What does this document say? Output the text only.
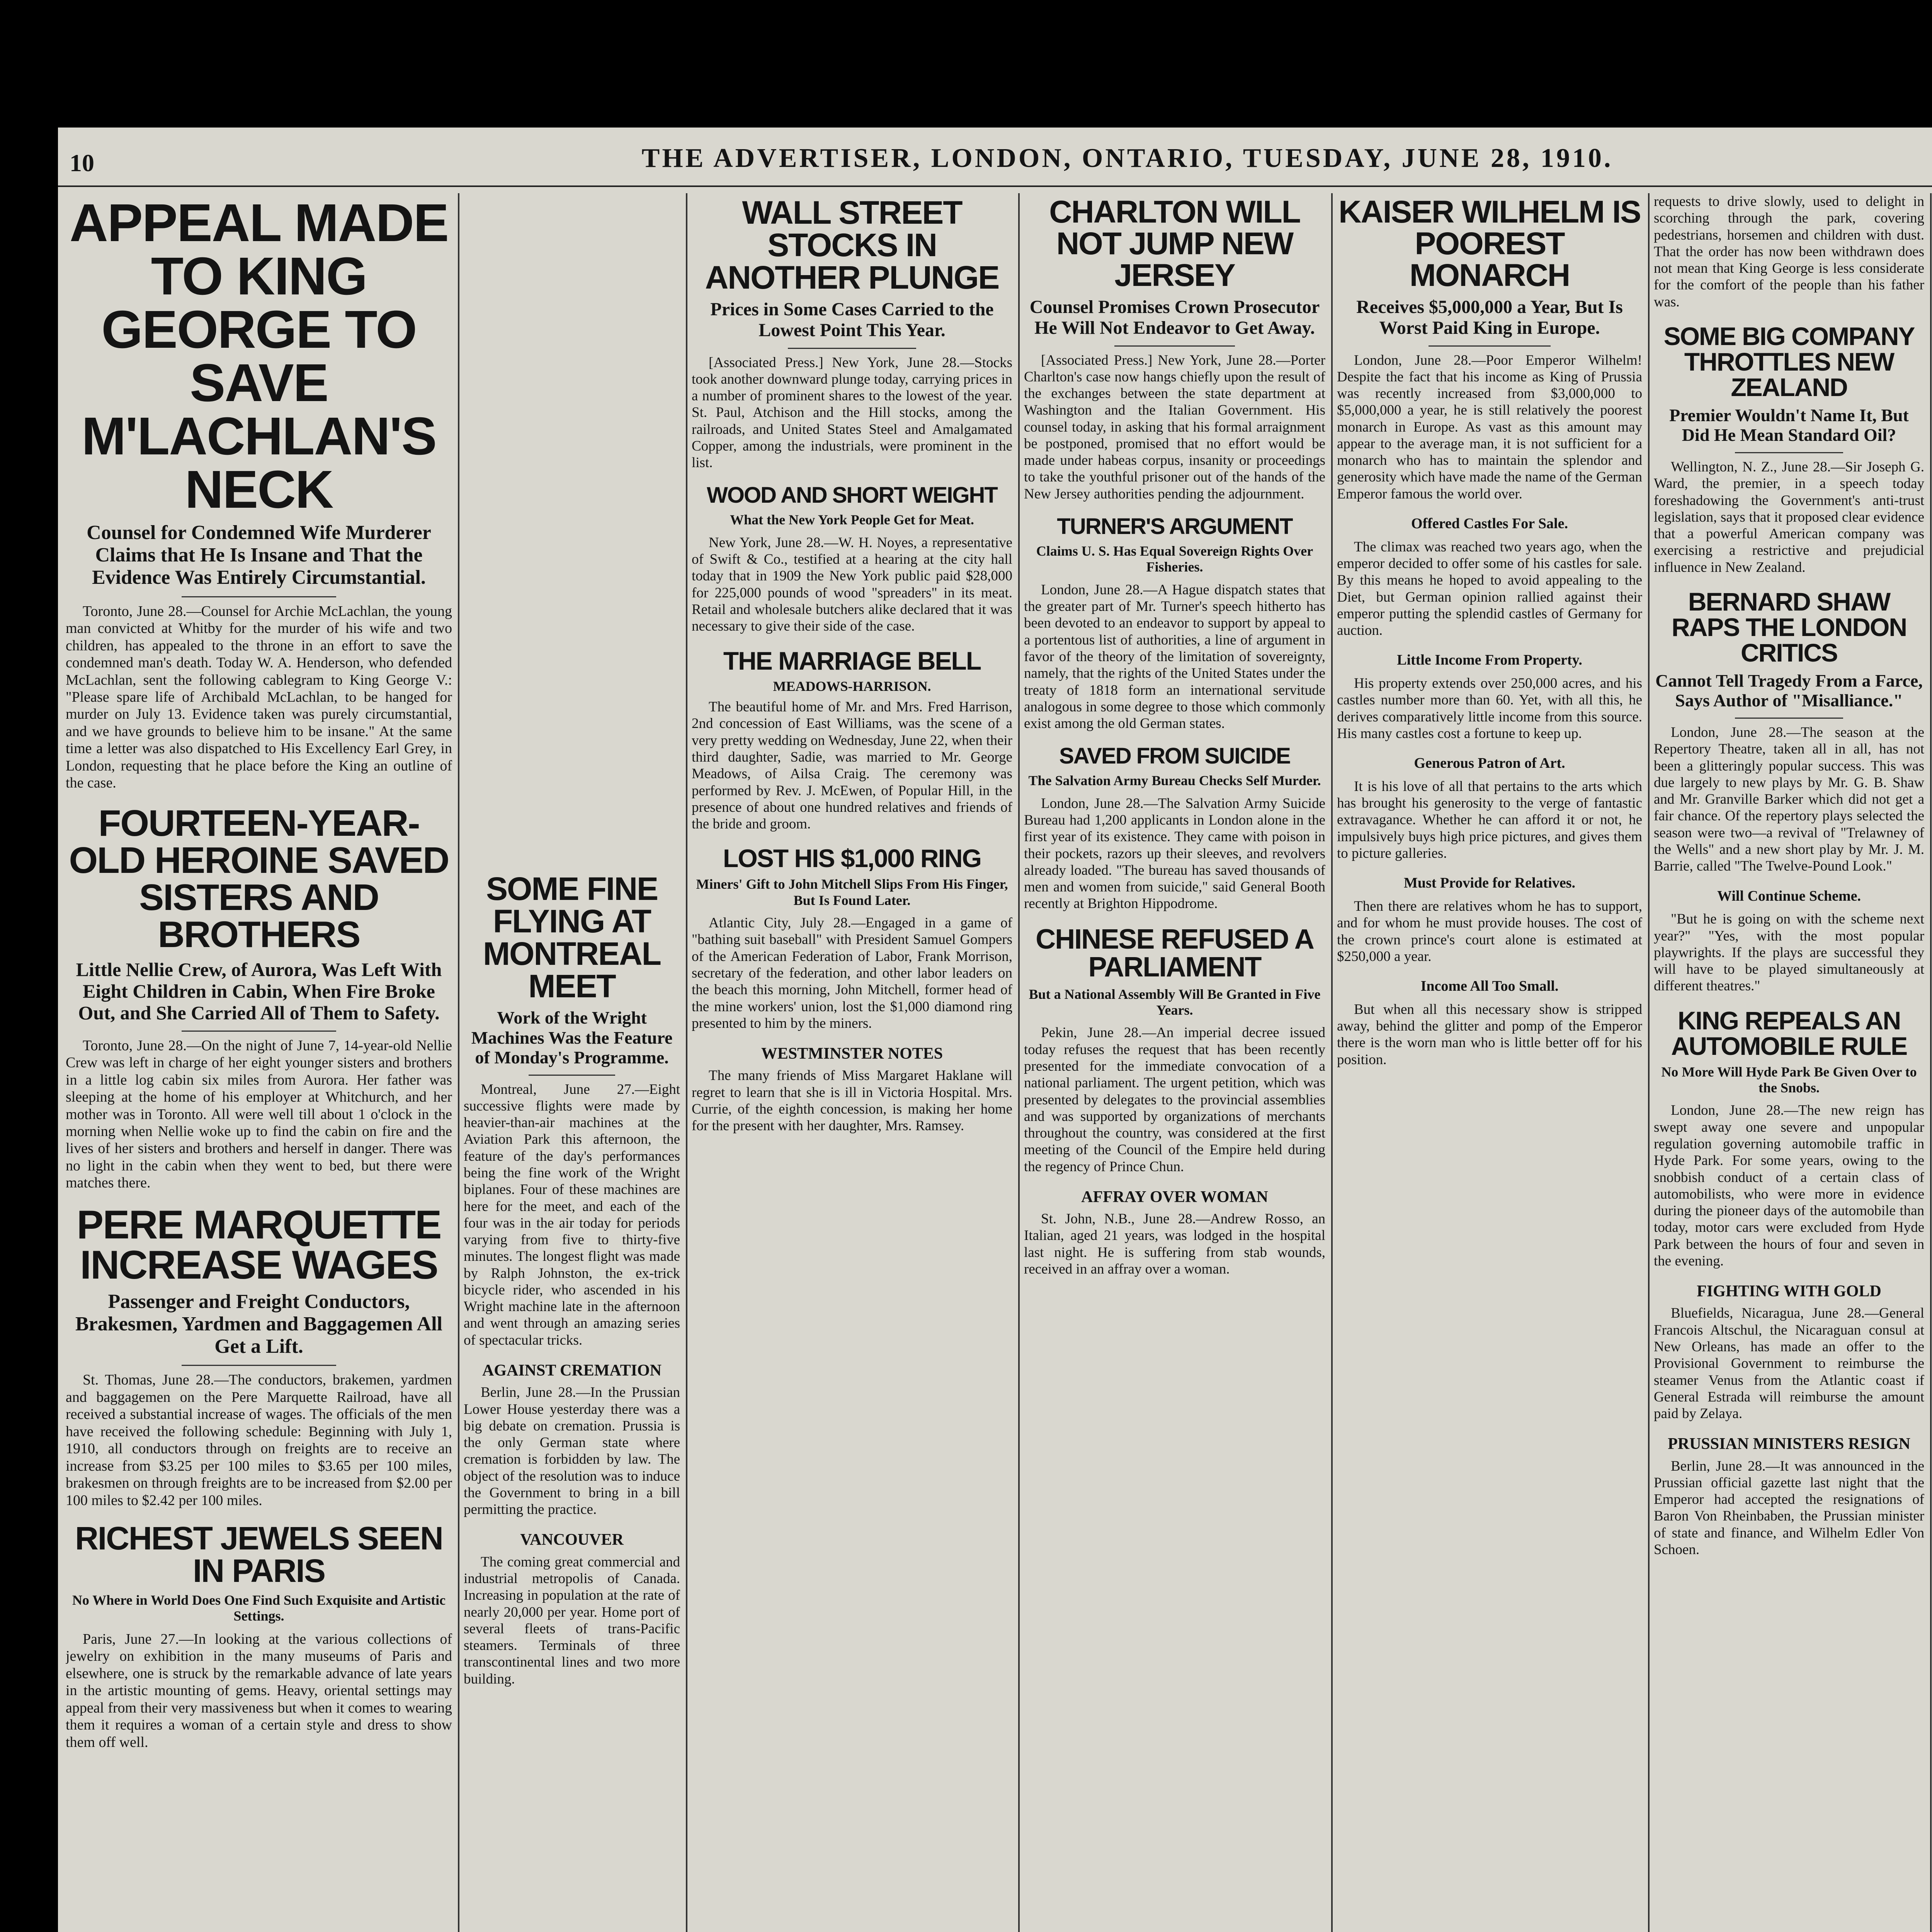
10	THE ADVERTISER, LONDON, ONTARIO, TUESDAY, JUNE 28, 1910.
APPEAL MADE TO KING GEORGE TO SAVE M'LACHLAN'S NECK
Counsel for Condemned Wife Murderer Claims that He Is Insane and That the Evidence Was Entirely Circumstantial.

Toronto, June 28.—Counsel for Archie McLachlan, the young man convicted at Whitby for the murder of his wife and two children, has appealed to the throne in an effort to save the condemned man's death. Today W. A. Henderson, who defended McLachlan, sent the following cablegram to King George V.: "Please spare life of Archibald McLachlan, to be hanged for murder on July 13. Evidence taken was purely circumstantial, and we have grounds to believe him to be insane." At the same time a letter was also dispatched to His Excellency Earl Grey, in London, requesting that he place before the King an outline of the case.

FOURTEEN-YEAR-OLD HEROINE SAVED SISTERS AND BROTHERS
Little Nellie Crew, of Aurora, Was Left With Eight Children in Cabin, When Fire Broke Out, and She Carried All of Them to Safety.

Toronto, June 28.—On the night of June 7, 14-year-old Nellie Crew was left in charge of her eight younger sisters and brothers in a little log cabin six miles from Aurora. Her father was sleeping at the home of his employer at Whitchurch, and her mother was in Toronto. All were well till about 1 o'clock in the morning when Nellie woke up to find the cabin on fire and the lives of her sisters and brothers and herself in danger. There was no light in the cabin when they went to bed, but there were matches there.

PERE MARQUETTE INCREASE WAGES
Passenger and Freight Conductors, Brakesmen, Yardmen and Baggagemen All Get a Lift.

St. Thomas, June 28.—The conductors, brakemen, yardmen and baggagemen on the Pere Marquette Railroad, have all received a substantial increase of wages. The officials of the men have received the following schedule: Beginning with July 1, 1910, all conductors through on freights are to receive an increase from $3.25 per 100 miles to $3.65 per 100 miles, brakesmen on through freights are to be increased from $2.00 per 100 miles to $2.42 per 100 miles.

RICHEST JEWELS SEEN IN PARIS
No Where in World Does One Find Such Exquisite and Artistic Settings.

Paris, June 27.—In looking at the various collections of jewelry on exhibition in the many museums of Paris and elsewhere, one is struck by the remarkable advance of late years in the artistic mounting of gems. Heavy, oriental settings may appeal from their very massiveness but when it comes to wearing them it requires a woman of a certain style and dress to show them off well.

SOME FINE FLYING AT MONTREAL MEET
Work of the Wright Machines Was the Feature of Monday's Programme.

Montreal, June 27.—Eight successive flights were made by heavier-than-air machines at the Aviation Park this afternoon, the feature of the day's performances being the fine work of the Wright biplanes. Four of these machines are here for the meet, and each of the four was in the air today for periods varying from five to thirty-five minutes. The longest flight was made by Ralph Johnston, the ex-trick bicycle rider, who ascended in his Wright machine late in the afternoon and went through an amazing series of spectacular tricks.

AGAINST CREMATION

Berlin, June 28.—In the Prussian Lower House yesterday there was a big debate on cremation. Prussia is the only German state where cremation is forbidden by law. The object of the resolution was to induce the Government to bring in a bill permitting the practice.

VANCOUVER

The coming great commercial and industrial metropolis of Canada. Increasing in population at the rate of nearly 20,000 per year. Home port of several fleets of trans-Pacific steamers. Terminals of three transcontinental lines and two more building.

WALL STREET STOCKS IN ANOTHER PLUNGE
Prices in Some Cases Carried to the Lowest Point This Year.

[Associated Press.] New York, June 28.—Stocks took another downward plunge today, carrying prices in a number of prominent shares to the lowest of the year. St. Paul, Atchison and the Hill stocks, among the railroads, and United States Steel and Amalgamated Copper, among the industrials, were prominent in the list.

WOOD AND SHORT WEIGHT
What the New York People Get for Meat.

New York, June 28.—W. H. Noyes, a representative of Swift & Co., testified at a hearing at the city hall today that in 1909 the New York public paid $28,000 for 225,000 pounds of wood "spreaders" in its meat. Retail and wholesale butchers alike declared that it was necessary to give their side of the case.

THE MARRIAGE BELL
MEADOWS-HARRISON.

The beautiful home of Mr. and Mrs. Fred Harrison, 2nd concession of East Williams, was the scene of a very pretty wedding on Wednesday, June 22, when their third daughter, Sadie, was married to Mr. George Meadows, of Ailsa Craig. The ceremony was performed by Rev. J. McEwen, of Popular Hill, in the presence of about one hundred relatives and friends of the bride and groom.

LOST HIS $1,000 RING
Miners' Gift to John Mitchell Slips From His Finger, But Is Found Later.

Atlantic City, July 28.—Engaged in a game of "bathing suit baseball" with President Samuel Gompers of the American Federation of Labor, Frank Morrison, secretary of the federation, and other labor leaders on the beach this morning, John Mitchell, former head of the mine workers' union, lost the $1,000 diamond ring presented to him by the miners.

WESTMINSTER NOTES

The many friends of Miss Margaret Haklane will regret to learn that she is ill in Victoria Hospital. Mrs. Currie, of the eighth concession, is making her home for the present with her daughter, Mrs. Ramsey.

CHARLTON WILL NOT JUMP NEW JERSEY
Counsel Promises Crown Prosecutor He Will Not Endeavor to Get Away.

[Associated Press.] New York, June 28.—Porter Charlton's case now hangs chiefly upon the result of the exchanges between the state department at Washington and the Italian Government. His counsel today, in asking that his formal arraignment be postponed, promised that no effort would be made under habeas corpus, insanity or proceedings to take the youthful prisoner out of the hands of the New Jersey authorities pending the adjournment.

TURNER'S ARGUMENT
Claims U. S. Has Equal Sovereign Rights Over Fisheries.

London, June 28.—A Hague dispatch states that the greater part of Mr. Turner's speech hitherto has been devoted to an endeavor to support by appeal to a portentous list of authorities, a line of argument in favor of the theory of the limitation of sovereignty, namely, that the rights of the United States under the treaty of 1818 form an international servitude analogous in some degree to those which commonly exist among the old German states.

SAVED FROM SUICIDE
The Salvation Army Bureau Checks Self Murder.

London, June 28.—The Salvation Army Suicide Bureau had 1,200 applicants in London alone in the first year of its existence. They came with poison in their pockets, razors up their sleeves, and revolvers already loaded. "The bureau has saved thousands of men and women from suicide," said General Booth recently at Brighton Hippodrome.

CHINESE REFUSED A PARLIAMENT
But a National Assembly Will Be Granted in Five Years.

Pekin, June 28.—An imperial decree issued today refuses the request that has been recently presented for the immediate convocation of a national parliament. The urgent petition, which was presented by delegates to the provincial assemblies and was supported by organizations of merchants throughout the country, was considered at the first meeting of the Council of the Empire held during the regency of Prince Chun.

AFFRAY OVER WOMAN

St. John, N.B., June 28.—Andrew Rosso, an Italian, aged 21 years, was lodged in the hospital last night. He is suffering from stab wounds, received in an affray over a woman.

KAISER WILHELM IS POOREST MONARCH
Receives $5,000,000 a Year, But Is Worst Paid King in Europe.

London, June 28.—Poor Emperor Wilhelm! Despite the fact that his income as King of Prussia was recently increased from $3,000,000 to $5,000,000 a year, he is still relatively the poorest monarch in Europe. As vast as this amount may appear to the average man, it is not sufficient for a monarch who has to maintain the splendor and generosity which have made the name of the German Emperor famous the world over.

Offered Castles For Sale.

The climax was reached two years ago, when the emperor decided to offer some of his castles for sale. By this means he hoped to avoid appealing to the Diet, but German opinion rallied against their emperor putting the splendid castles of Germany for auction.

Little Income From Property.

His property extends over 250,000 acres, and his castles number more than 60. Yet, with all this, he derives comparatively little income from this source. His many castles cost a fortune to keep up.

Generous Patron of Art.

It is his love of all that pertains to the arts which has brought his generosity to the verge of fantastic extravagance. Whether he can afford it or not, he impulsively buys high price pictures, and gives them to picture galleries.

Must Provide for Relatives.

Then there are relatives whom he has to support, and for whom he must provide houses. The cost of the crown prince's court alone is estimated at $250,000 a year.

Income All Too Small.

But when all this necessary show is stripped away, behind the glitter and pomp of the Emperor there is the worn man who is little better off for his position.

requests to drive slowly, used to delight in scorching through the park, covering pedestrians, horsemen and children with dust. That the order has now been withdrawn does not mean that King George is less considerate for the comfort of the people than his father was.

SOME BIG COMPANY THROTTLES NEW ZEALAND
Premier Wouldn't Name It, But Did He Mean Standard Oil?

Wellington, N. Z., June 28.—Sir Joseph G. Ward, the premier, in a speech today foreshadowing the Government's anti-trust legislation, says that it proposed clear evidence that a powerful American company was exercising a restrictive and prejudicial influence in New Zealand.

BERNARD SHAW RAPS THE LONDON CRITICS
Cannot Tell Tragedy From a Farce, Says Author of "Misalliance."

London, June 28.—The season at the Repertory Theatre, taken all in all, has not been a glitteringly popular success. This was due largely to new plays by Mr. G. B. Shaw and Mr. Granville Barker which did not get a fair chance. Of the repertory plays selected the season were two—a revival of "Trelawney of the Wells" and a new short play by Mr. J. M. Barrie, called "The Twelve-Pound Look."

Will Continue Scheme.

"But he is going on with the scheme next year?" "Yes, with the most popular playwrights. If the plays are successful they will have to be played simultaneously at different theatres."

KING REPEALS AN AUTOMOBILE RULE
No More Will Hyde Park Be Given Over to the Snobs.

London, June 28.—The new reign has swept away one severe and unpopular regulation governing automobile traffic in Hyde Park. For some years, owing to the snobbish conduct of a certain class of automobilists, who were more in evidence during the pioneer days of the automobile than today, motor cars were excluded from Hyde Park between the hours of four and seven in the evening.

FIGHTING WITH GOLD

Bluefields, Nicaragua, June 28.—General Francois Altschul, the Nicaraguan consul at New Orleans, has made an offer to the Provisional Government to reimburse the steamer Venus from the Atlantic coast if General Estrada will reimburse the amount paid by Zelaya.

PRUSSIAN MINISTERS RESIGN

Berlin, June 28.—It was announced in the Prussian official gazette last night that the Emperor had accepted the resignations of Baron Von Rheinbaben, the Prussian minister of state and finance, and Wilhelm Edler Von Schoen.
